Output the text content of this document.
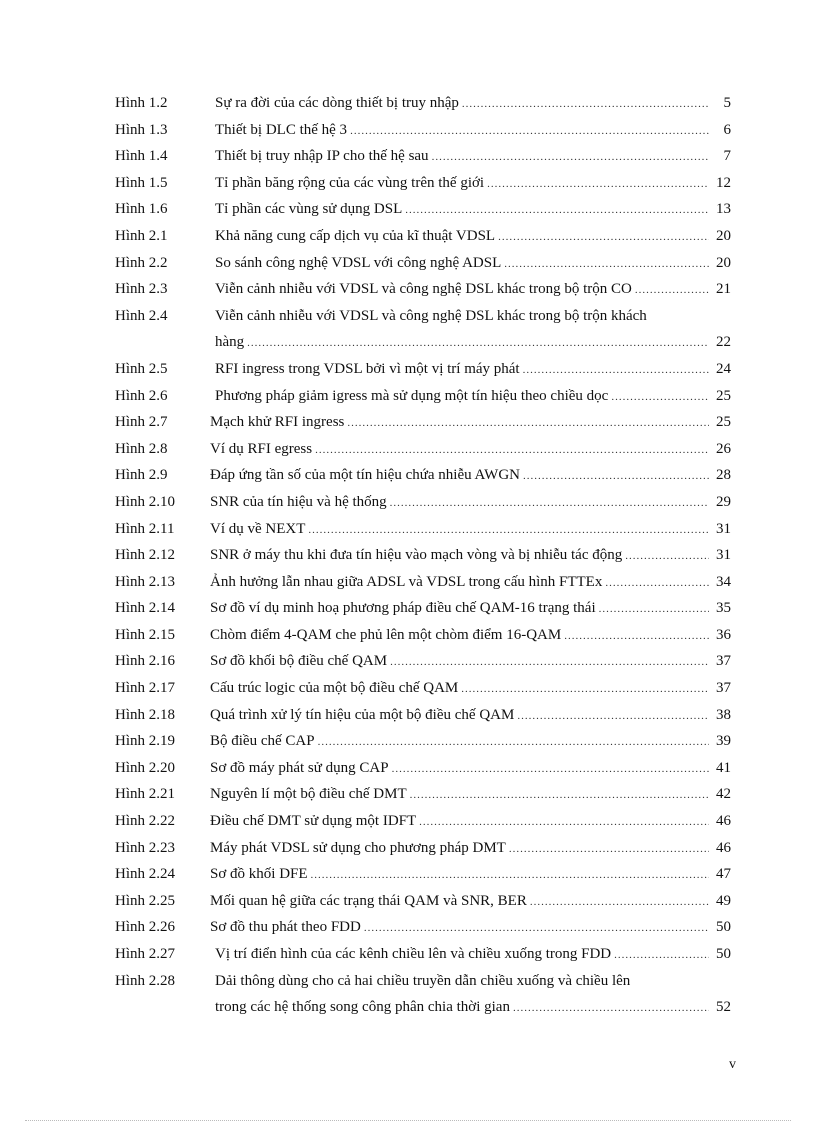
Hình 1.2	Sự ra đời của các dòng thiết bị truy nhập .....	5
Hình 1.3	Thiết bị DLC thế hệ 3 .....	6
Hình 1.4	Thiết bị truy nhập IP cho thế hệ sau .....	7
Hình 1.5	Tỉ phần băng rộng của các vùng trên thế giới .....	12
Hình 1.6	Tỉ phần các vùng sử dụng DSL .....	13
Hình 2.1	Khả năng cung cấp dịch vụ của kĩ thuật VDSL .....	20
Hình 2.2	So sánh công nghệ VDSL với công nghệ ADSL .....	20
Hình 2.3	Viễn cảnh nhiễu với VDSL và công nghệ DSL khác trong bộ trộn CO .....	21
Hình 2.4	Viễn cảnh nhiễu với VDSL và công nghệ DSL khác trong bộ trộn khách
hàng .....	22
Hình 2.5	RFI ingress trong VDSL bởi vì một vị trí máy phát .....	24
Hình 2.6	Phương pháp giảm igress mà sử dụng một tín hiệu theo chiều dọc .....	25
Hình 2.7	Mạch khử RFI ingress .....	25
Hình 2.8	Ví dụ RFI egress .....	26
Hình 2.9	Đáp ứng tần số của một tín hiệu chứa nhiễu AWGN .....	28
Hình 2.10 SNR của tín hiệu và hệ thống .....	29
Hình 2.11 Ví dụ về NEXT .....	31
Hình 2.12 SNR ở máy thu khi đưa tín hiệu vào mạch vòng và bị nhiễu tác động .....	31
Hình 2.13 Ảnh hưởng lẫn nhau giữa ADSL và VDSL trong cấu hình FTTEx .....	34
Hình 2.14 Sơ đồ ví dụ minh hoạ phương pháp điều chế QAM-16 trạng thái .....	35
Hình 2.15 Chòm điểm 4-QAM che phủ lên một chòm điểm 16-QAM .....	36
Hình 2.16 Sơ đồ khối bộ điều chế QAM .....	37
Hình 2.17 Cấu trúc logic của một bộ điều chế QAM .....	37
Hình 2.18 Quá trình xử lý tín hiệu của một bộ điều chế QAM .....	38
Hình 2.19 Bộ điều chế CAP .....	39
Hình 2.20 Sơ đồ máy phát sử dụng CAP .....	41
Hình 2.21 Nguyên lí một bộ điều chế DMT .....	42
Hình 2.22 Điều chế DMT sử dụng một IDFT .....	46
Hình 2.23 Máy phát VDSL sử dụng cho phương pháp DMT .....	46
Hình 2.24 Sơ đồ khối DFE .....	47
Hình 2.25 Mối quan hệ giữa các trạng thái QAM và SNR, BER .....	49
Hình 2.26 Sơ đồ thu phát theo FDD .....	50
Hình 2.27	Vị trí điển hình của các kênh chiều lên và chiều xuống trong FDD .....	50
Hình 2.28	Dải thông dùng cho cả hai chiều truyền dẫn chiều xuống và chiều lên
trong các hệ thống song công phân chia thời gian .....	52
v
